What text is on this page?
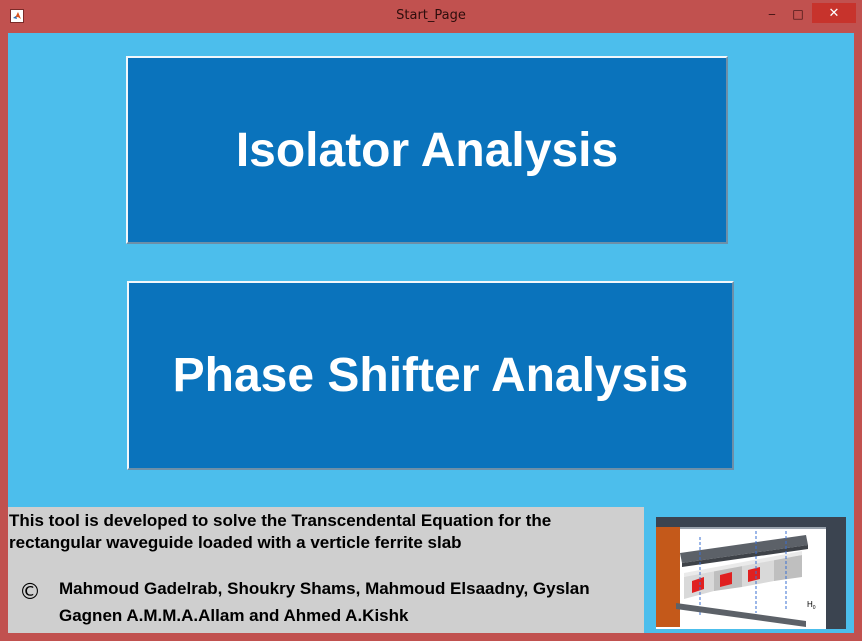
Start_Page	‒ □ ✕
Isolator Analysis
Phase Shifter Analysis
This tool is developed to solve the Transcendental Equation for the rectangular waveguide loaded with a verticle ferrite slab
© Mahmoud Gadelrab, Shoukry Shams, Mahmoud Elsaadny, Gyslan Gagnen A.M.M.A.Allam and Ahmed A.Kishk
$H_0$
